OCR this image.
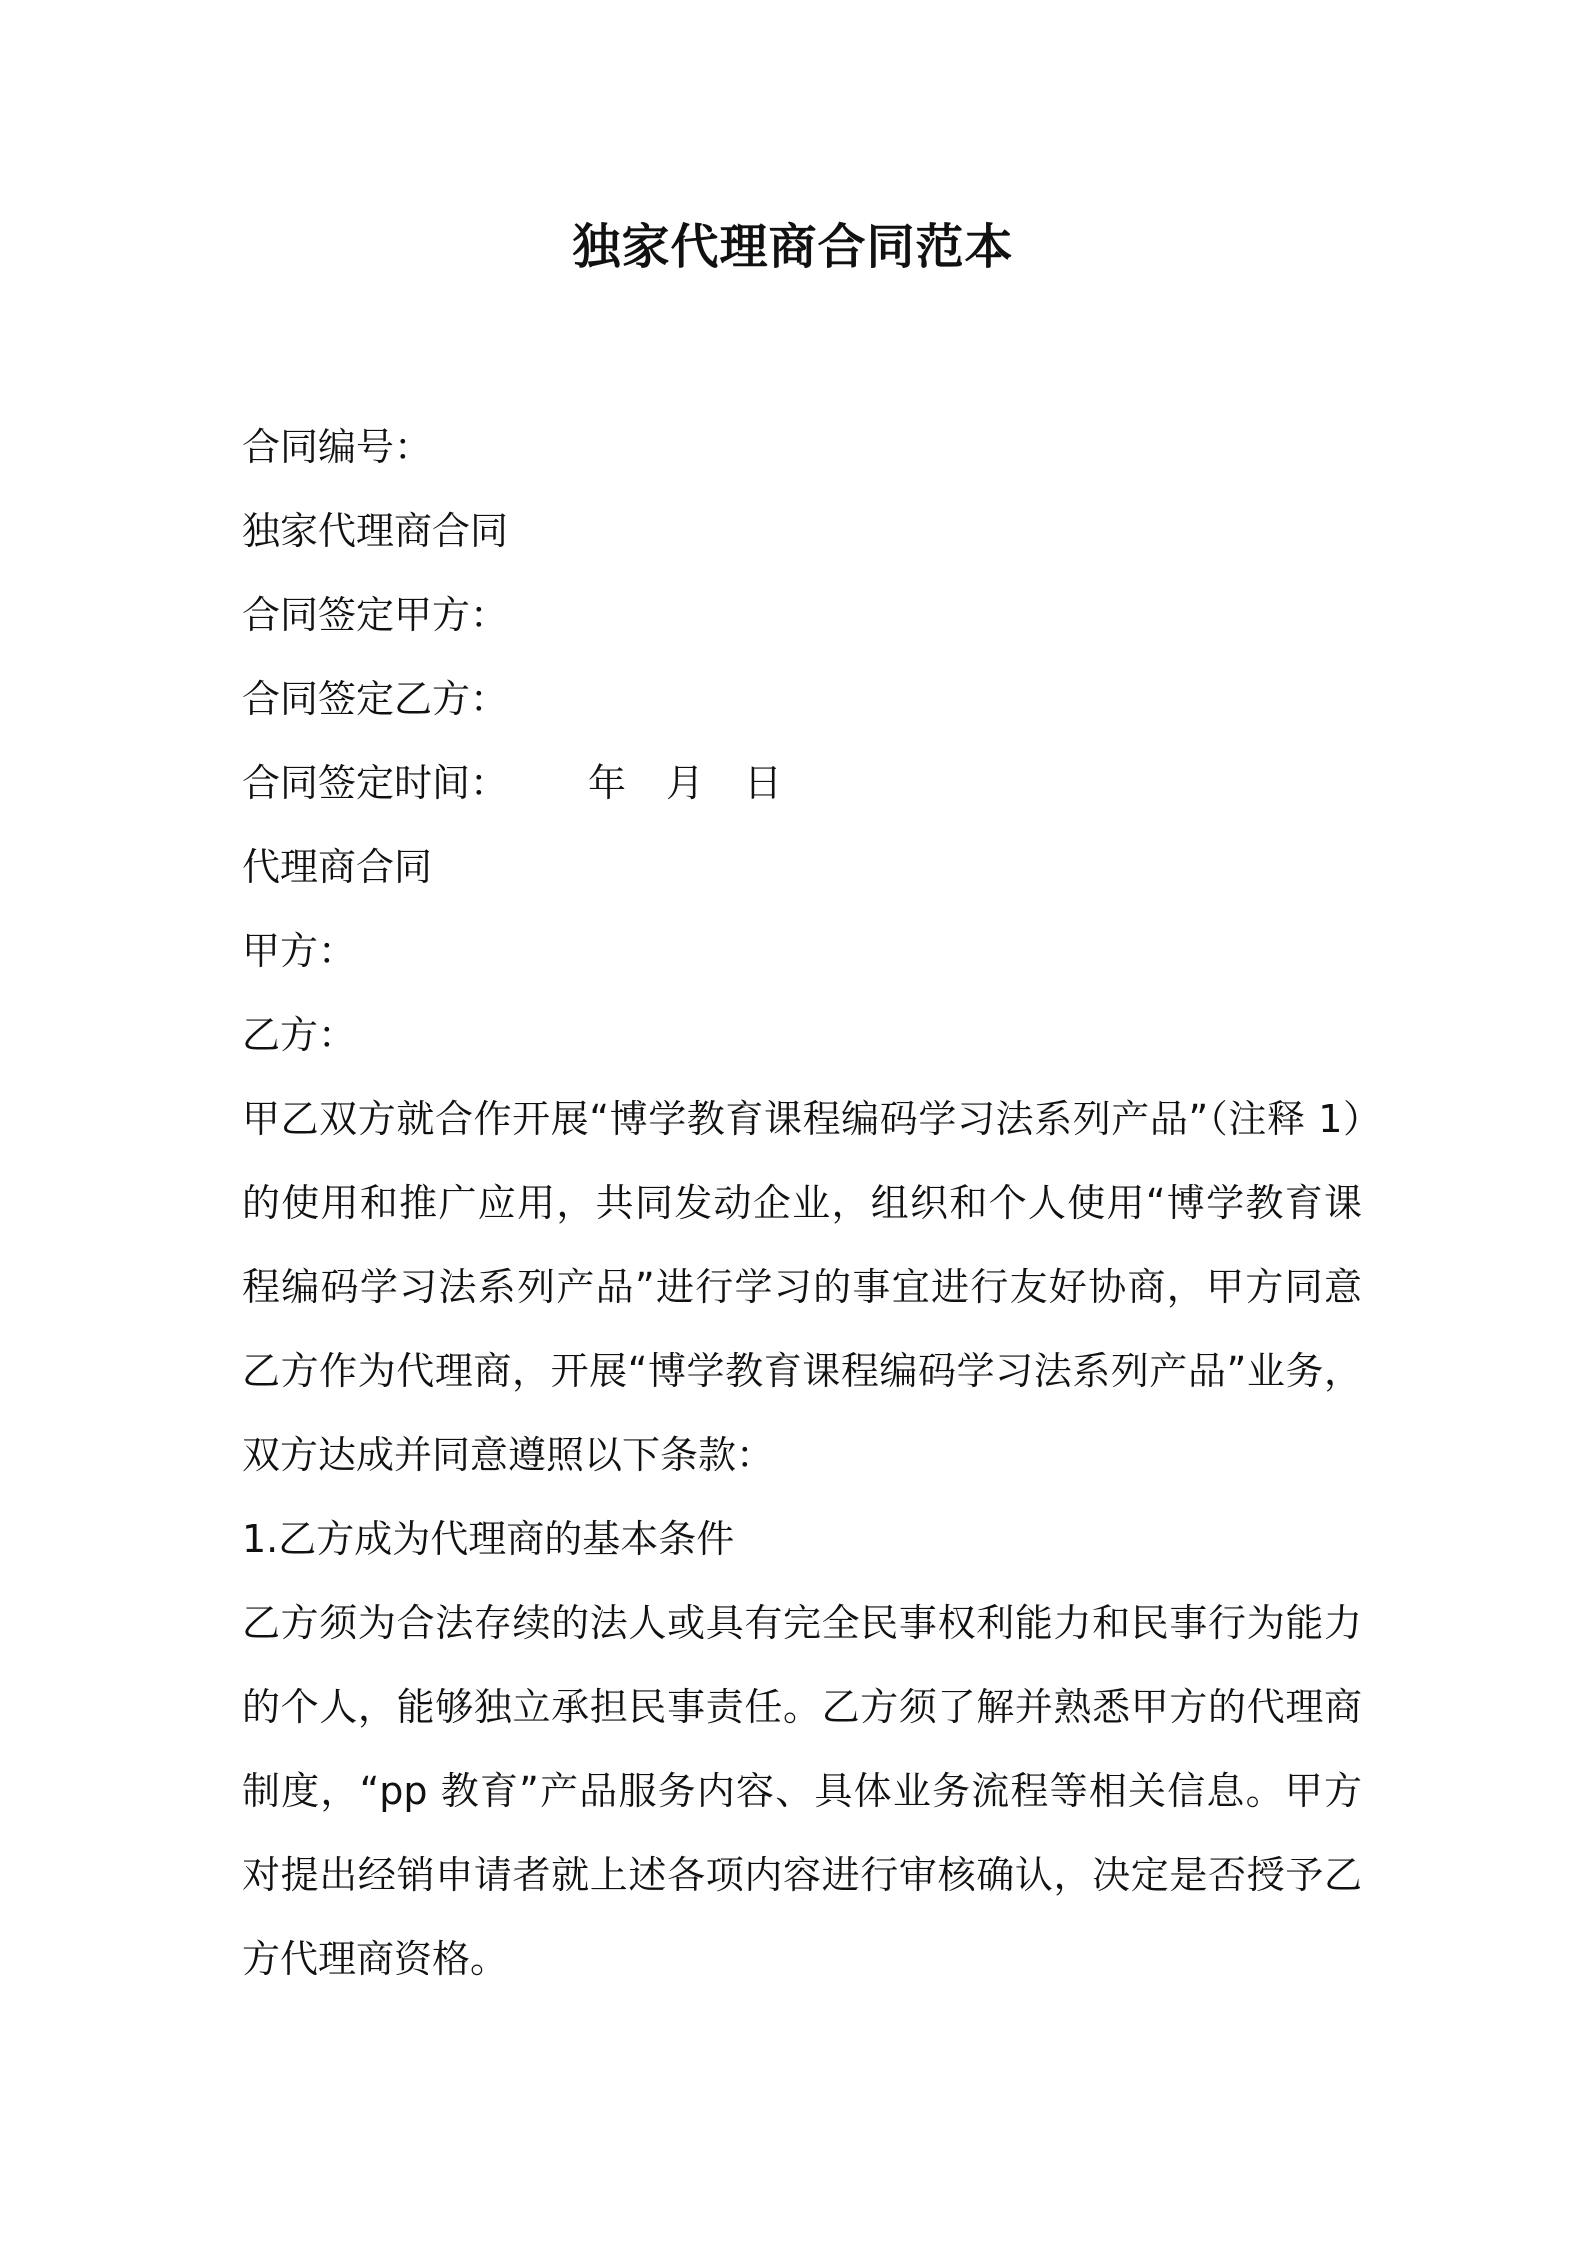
独家代理商合同范本
合同编号：
独家代理商合同
合同签定甲方：
合同签定乙方：
合同签定时间： 年 月 日
代理商合同
甲方：
乙方：
甲乙双方就合作开展“博学教育课程编码学习法系列产品”（注释 1）的使用和推广应用，共同发动企业，组织和个人使用“博学教育课程编码学习法系列产品”进行学习的事宜进行友好协商，甲方同意乙方作为代理商，开展“博学教育课程编码学习法系列产品”业务，双方达成并同意遵照以下条款：
1.乙方成为代理商的基本条件
乙方须为合法存续的法人或具有完全民事权利能力和民事行为能力的个人，能够独立承担民事责任。乙方须了解并熟悉甲方的代理商制度，“pp 教育”产品服务内容、具体业务流程等相关信息。甲方对提出经销申请者就上述各项内容进行审核确认，决定是否授予乙方代理商资格。
